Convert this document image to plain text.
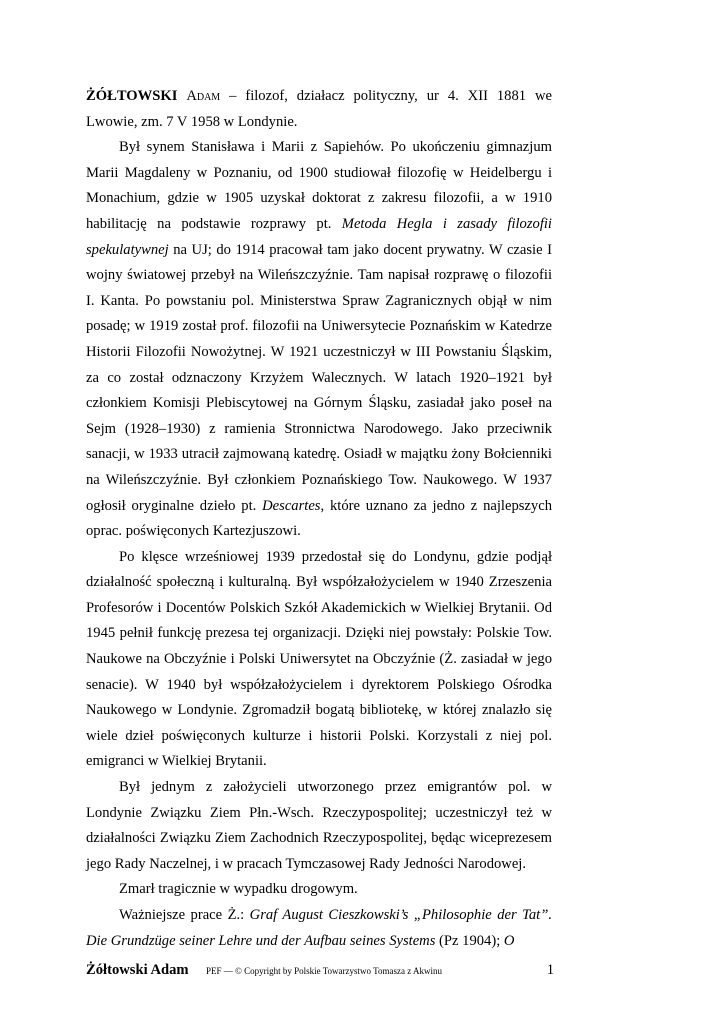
ŻÓŁTOWSKI Adam – filozof, działacz polityczny, ur 4. XII 1881 we Lwowie, zm. 7 V 1958 w Londynie.

Był synem Stanisława i Marii z Sapiehów. Po ukończeniu gimnazjum Marii Magdaleny w Poznaniu, od 1900 studiował filozofię w Heidelbergu i Monachium, gdzie w 1905 uzyskał doktorat z zakresu filozofii, a w 1910 habilitację na podstawie rozprawy pt. Metoda Hegla i zasady filozofii spekulatywnej na UJ; do 1914 pracował tam jako docent prywatny. W czasie I wojny światowej przebył na Wileńszczyźnie. Tam napisał rozprawę o filozofii I. Kanta. Po powstaniu pol. Ministerstwa Spraw Zagranicznych objął w nim posadę; w 1919 został prof. filozofii na Uniwersytecie Poznańskim w Katedrze Historii Filozofii Nowożytnej. W 1921 uczestniczył w III Powstaniu Śląskim, za co został odznaczony Krzyżem Walecznych. W latach 1920–1921 był członkiem Komisji Plebiscytowej na Górnym Śląsku, zasiadał jako poseł na Sejm (1928–1930) z ramienia Stronnictwa Narodowego. Jako przeciwnik sanacji, w 1933 utracił zajmowaną katedrę. Osiadł w majątku żony Bołcienniki na Wileńszczyźnie. Był członkiem Poznańskiego Tow. Naukowego. W 1937 ogłosił oryginalne dzieło pt. Descartes, które uznano za jedno z najlepszych oprac. poświęconych Kartezjuszowi.

Po klęsce wrześniowej 1939 przedostał się do Londynu, gdzie podjął działalność społeczną i kulturalną. Był współzałożycielem w 1940 Zrzeszenia Profesorów i Docentów Polskich Szkół Akademickich w Wielkiej Brytanii. Od 1945 pełnił funkcję prezesa tej organizacji. Dzięki niej powstały: Polskie Tow. Naukowe na Obczyźnie i Polski Uniwersytet na Obczyźnie (Ż. zasiadał w jego senacie). W 1940 był współzałożycielem i dyrektorem Polskiego Ośrodka Naukowego w Londynie. Zgromadził bogatą bibliotekę, w której znalazło się wiele dzieł poświęconych kulturze i historii Polski. Korzystali z niej pol. emigranci w Wielkiej Brytanii.

Był jednym z założycieli utworzonego przez emigrantów pol. w Londynie Związku Ziem Płn.-Wsch. Rzeczypospolitej; uczestniczył też w działalności Związku Ziem Zachodnich Rzeczypospolitej, będąc wiceprezesem jego Rady Naczelnej, i w pracach Tymczasowej Rady Jedności Narodowej.

Zmarł tragicznie w wypadku drogowym.

Ważniejsze prace Ż.: Graf August Cieszkowski’s „Philosophie der Tat”. Die Grundzüge seiner Lehre und der Aufbau seines Systems (Pz 1904); O

Żółtowski Adam PEF — © Copyright by Polskie Towarzystwo Tomasza z Akwinu	1
